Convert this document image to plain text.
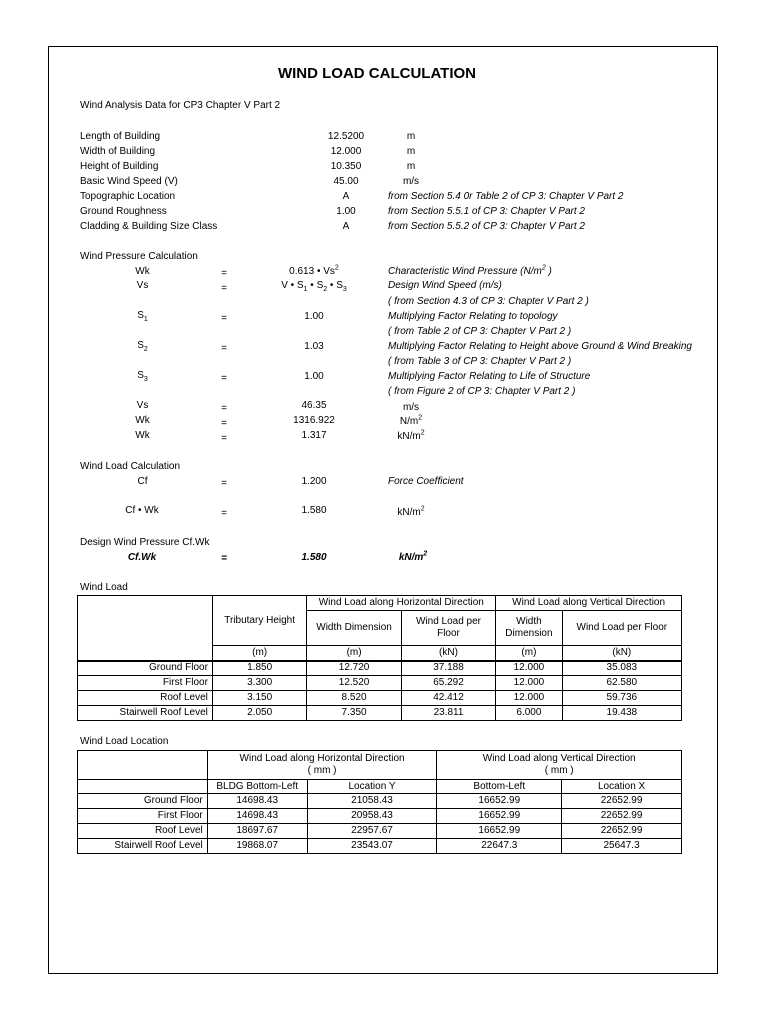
WIND LOAD CALCULATION
Wind Analysis Data for CP3 Chapter V Part 2
Length of Building	12.5200	m
Width of Building	12.000	m
Height of Building	10.350	m
Basic Wind Speed (V)	45.00	m/s
Topographic Location	A	from Section 5.4 0r Table 2 of CP 3: Chapter V Part 2
Ground Roughness	1.00	from Section 5.5.1 of CP 3: Chapter V Part 2
Cladding & Building Size Class	A	from Section 5.5.2 of CP 3: Chapter V Part 2
Wind Pressure Calculation
Wk	=	0.613 • Vs$^2$	Characteristic Wind Pressure ($N/m^2$ )
Vs	=	V • $S_1$ • $S_2$ • $S_3$	Design Wind Speed (m/s)
( from Section 4.3 of CP 3: Chapter V Part 2 )
$S_1$	=	1.00	Multiplying Factor Relating to topology
( from Table 2 of CP 3: Chapter V Part 2 )
$S_2$	=	1.03	Multiplying Factor Relating to Height above Ground & Wind Breaking
( from Table 3 of CP 3: Chapter V Part 2 )
$S_3$	=	1.00	Multiplying Factor Relating to Life of Structure
( from Figure 2 of CP 3: Chapter V Part 2 )
Vs	=	46.35	m/s
Wk	=	1316.922	$N/m^2$
Wk	=	1.317	$kN/m^2$
Wind Load Calculation
Cf	=	1.200	Force Coefficient
Cf • Wk	=	1.580	$kN/m^2$
Design Wind Pressure Cf.Wk
Cf.Wk	=	1.580	$kN/m^2$
Wind Load
	Tributary Height	Wind Load along Horizontal Direction		Wind Load along Vertical Direction	
		Width Dimension	Wind Load per Floor	Width Dimension	Wind Load per Floor
	(m)	(m)	(kN)	(m)	(kN)
Ground Floor	1.850	12.720	37.188	12.000	35.083
First Floor	3.300	12.520	65.292	12.000	62.580
Roof Level	3.150	8.520	42.412	12.000	59.736
Stairwell Roof Level	2.050	7.350	23.811	6.000	19.438
Wind Load Location
	Wind Load along Horizontal Direction
( mm )		Wind Load along Vertical Direction
( mm )	
	BLDG Bottom-Left	Location Y	Bottom-Left	Location X
Ground Floor	14698.43	21058.43	16652.99	22652.99
First Floor	14698.43	20958.43	16652.99	22652.99
Roof Level	18697.67	22957.67	16652.99	22652.99
Stairwell Roof Level	19868.07	23543.07	22647.3	25647.3
